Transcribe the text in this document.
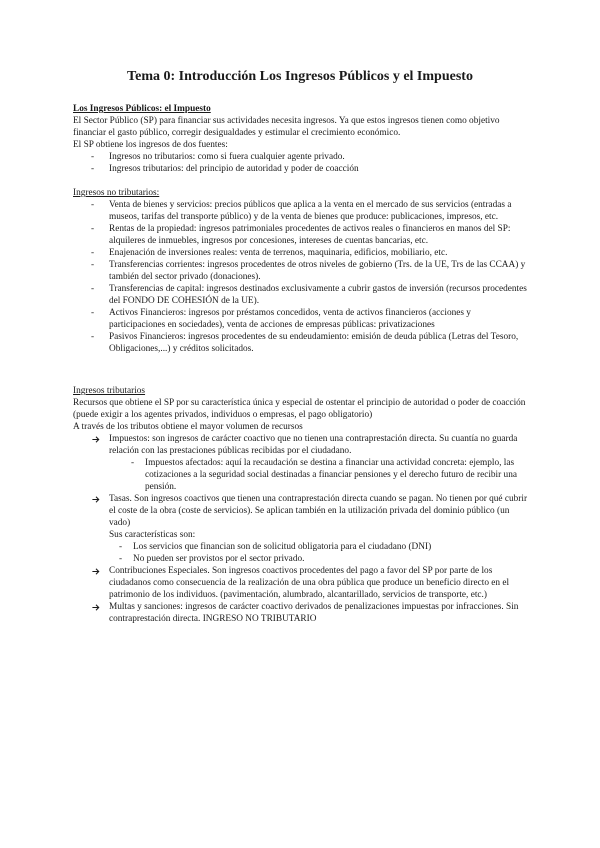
Tema 0: Introducción Los Ingresos Públicos y el Impuesto

Los Ingresos Públicos: el Impuesto

El Sector Público (SP) para financiar sus actividades necesita ingresos. Ya que estos ingresos tienen como objetivo financiar el gasto público, corregir desigualdades y estimular el crecimiento económico.

El SP obtiene los ingresos de dos fuentes:

- Ingresos no tributarios: como si fuera cualquier agente privado.
- Ingresos tributarios: del principio de autoridad y poder de coacción

Ingresos no tributarios:

- Venta de bienes y servicios: precios públicos que aplica a la venta en el mercado de sus servicios (entradas a museos, tarifas del transporte público) y de la venta de bienes que produce: publicaciones, impresos, etc.
- Rentas de la propiedad: ingresos patrimoniales procedentes de activos reales o financieros en manos del SP: alquileres de inmuebles, ingresos por concesiones, intereses de cuentas bancarias, etc.
- Enajenación de inversiones reales: venta de terrenos, maquinaria, edificios, mobiliario, etc.
- Transferencias corrientes: ingresos procedentes de otros niveles de gobierno (Trs. de la UE, Trs de las CCAA) y también del sector privado (donaciones).
- Transferencias de capital: ingresos destinados exclusivamente a cubrir gastos de inversión (recursos procedentes del FONDO DE COHESIÓN de la UE).
- Activos Financieros: ingresos por préstamos concedidos, venta de activos financieros (acciones y participaciones en sociedades), venta de acciones de empresas públicas: privatizaciones
- Pasivos Financieros: ingresos procedentes de su endeudamiento: emisión de deuda pública (Letras del Tesoro, Obligaciones,...) y créditos solicitados.

Ingresos tributarios

Recursos que obtiene el SP por su característica única y especial de ostentar el principio de autoridad o poder de coacción (puede exigir a los agentes privados, individuos o empresas, el pago obligatorio)

A través de los tributos obtiene el mayor volumen de recursos

Impuestos: son ingresos de carácter coactivo que no tienen una contraprestación directa. Su cuantía no guarda relación con las prestaciones públicas recibidas por el ciudadano.
- Impuestos afectados: aquí la recaudación se destina a financiar una actividad concreta: ejemplo, las cotizaciones a la seguridad social destinadas a financiar pensiones y el derecho futuro de recibir una pensión.
Tasas. Son ingresos coactivos que tienen una contraprestación directa cuando se pagan. No tienen por qué cubrir el coste de la obra (coste de servicios). Se aplican también en la utilización privada del dominio público (un vado)

Sus características son:

- Los servicios que financian son de solicitud obligatoria para el ciudadano (DNI)
- No pueden ser provistos por el sector privado.
Contribuciones Especiales. Son ingresos coactivos procedentes del pago a favor del SP por parte de los ciudadanos como consecuencia de la realización de una obra pública que produce un beneficio directo en el patrimonio de los individuos. (pavimentación, alumbrado, alcantarillado, servicios de transporte, etc.)
Multas y sanciones: ingresos de carácter coactivo derivados de penalizaciones impuestas por infracciones. Sin contraprestación directa. INGRESO NO TRIBUTARIO
